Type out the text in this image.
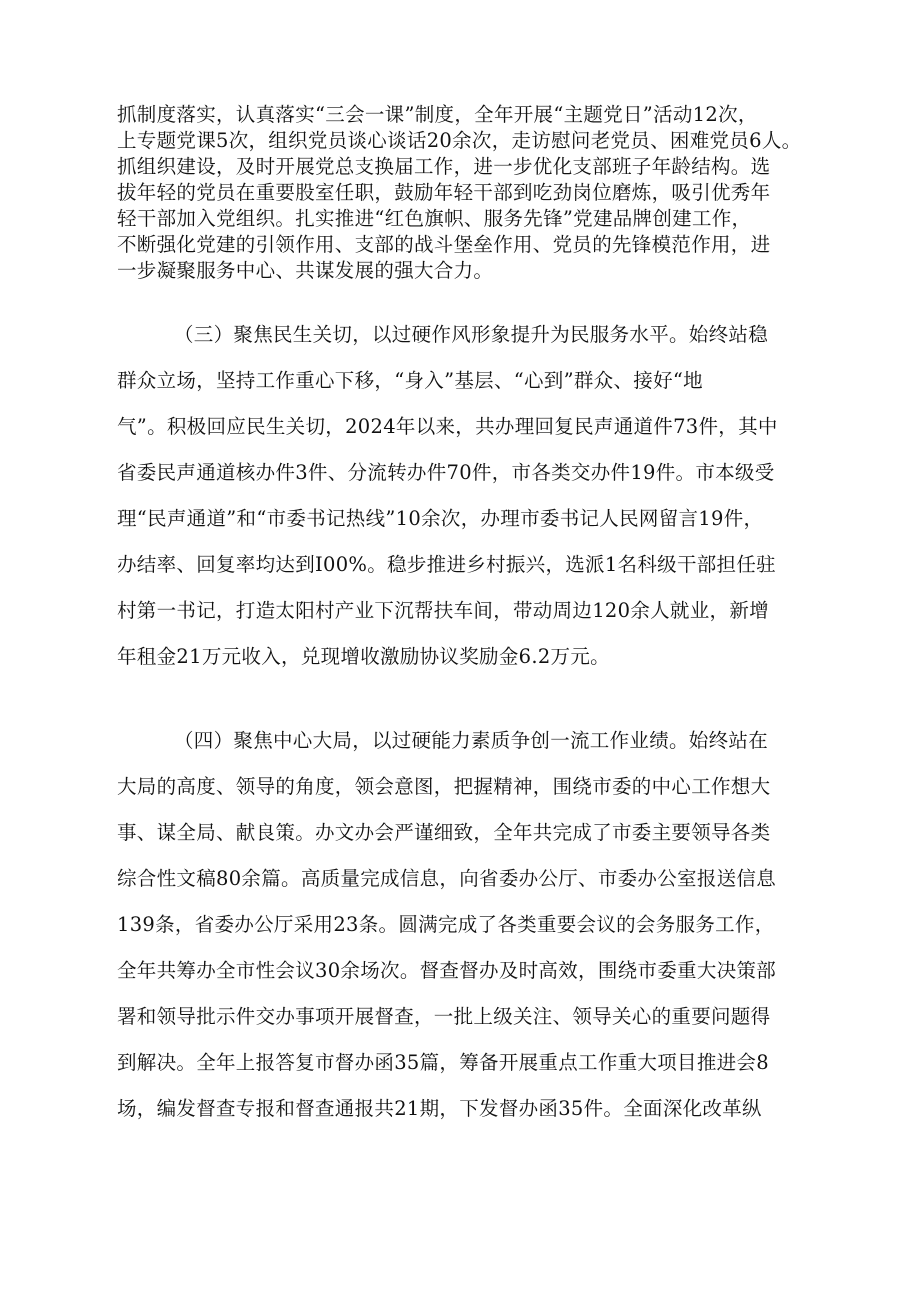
抓制度落实，认真落实“三会一课”制度，全年开展“主题党日”活动12次，
上专题党课5次，组织党员谈心谈话20余次，走访慰问老党员、困难党员6人。
抓组织建设，及时开展党总支换届工作，进一步优化支部班子年龄结构。选
拔年轻的党员在重要股室任职，鼓励年轻干部到吃劲岗位磨炼，吸引优秀年
轻干部加入党组织。扎实推进“红色旗帜、服务先锋”党建品牌创建工作，
不断强化党建的引领作用、支部的战斗堡垒作用、党员的先锋模范作用，进
一步凝聚服务中心、共谋发展的强大合力。
（三）聚焦民生关切，以过硬作风形象提升为民服务水平。始终站稳
群众立场，坚持工作重心下移，“身入”基层、“心到”群众、接好“地
气”。积极回应民生关切，2024年以来，共办理回复民声通道件73件，其中
省委民声通道核办件3件、分流转办件70件，市各类交办件19件。市本级受
理“民声通道”和“市委书记热线”10余次，办理市委书记人民网留言19件，
办结率、回复率均达到I00%。稳步推进乡村振兴，选派1名科级干部担任驻
村第一书记，打造太阳村产业下沉帮扶车间，带动周边120余人就业，新增
年租金21万元收入，兑现增收激励协议奖励金6.2万元。
（四）聚焦中心大局，以过硬能力素质争创一流工作业绩。始终站在
大局的高度、领导的角度，领会意图，把握精神，围绕市委的中心工作想大
事、谋全局、献良策。办文办会严谨细致，全年共完成了市委主要领导各类
综合性文稿80余篇。高质量完成信息，向省委办公厅、市委办公室报送信息
139条，省委办公厅采用23条。圆满完成了各类重要会议的会务服务工作，
全年共筹办全市性会议30余场次。督查督办及时高效，围绕市委重大决策部
署和领导批示件交办事项开展督查，一批上级关注、领导关心的重要问题得
到解决。全年上报答复市督办函35篇，筹备开展重点工作重大项目推进会8
场，编发督查专报和督查通报共21期，下发督办函35件。全面深化改革纵
